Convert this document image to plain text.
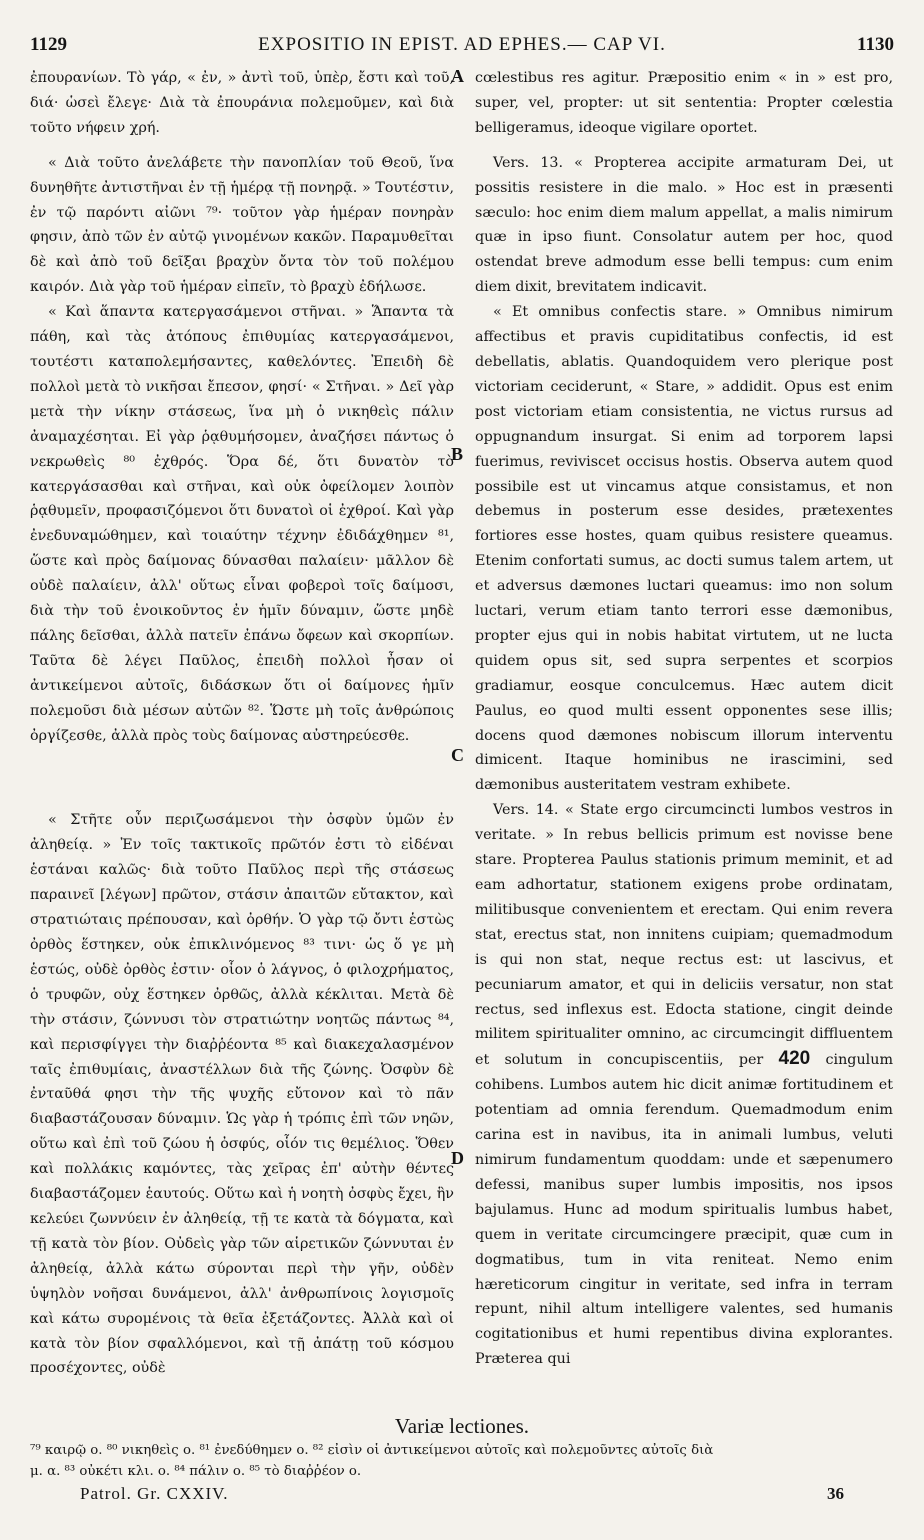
1129	EXPOSITIO IN EPIST. AD EPHES.— CAP VI.	1130

ἐπουρανίων. Τὸ γάρ, « ἐν, » ἀντὶ τοῦ, ὑπὲρ, ἔστι καὶ τοῦ, διά· ὡσεὶ ἔλεγε· Διὰ τὰ ἐπουράνια πολεμοῦμεν, καὶ διὰ τοῦτο νήφειν χρή.

« Διὰ τοῦτο ἀνελάβετε τὴν πανοπλίαν τοῦ Θεοῦ, ἵνα δυνηθῆτε ἀντιστῆναι ἐν τῇ ἡμέρᾳ τῇ πονηρᾷ. » Τουτέστιν, ἐν τῷ παρόντι αἰῶνι ⁷⁹· τοῦτον γὰρ ἡμέραν πονηρὰν φησιν, ἀπὸ τῶν ἐν αὐτῷ γινομένων κακῶν. Παραμυθεῖται δὲ καὶ ἀπὸ τοῦ δεῖξαι βραχὺν ὄντα τὸν τοῦ πολέμου καιρόν. Διὰ γὰρ τοῦ ἡμέραν εἰπεῖν, τὸ βραχὺ ἐδήλωσε.

« Καὶ ἅπαντα κατεργασάμενοι στῆναι. » Ἅπαντα τὰ πάθη, καὶ τὰς ἀτόπους ἐπιθυμίας κατεργασάμενοι, τουτέστι καταπολεμήσαντες, καθελόντες. Ἐπειδὴ δὲ πολλοὶ μετὰ τὸ νικῆσαι ἔπεσον, φησί· « Στῆναι. » Δεῖ γὰρ μετὰ τὴν νίκην στάσεως, ἵνα μὴ ὁ νικηθεὶς πάλιν ἀναμαχέσηται. Εἰ γὰρ ῥᾳθυμήσομεν, ἀναζήσει πάντως ὁ νεκρωθεὶς ⁸⁰ ἐχθρός. Ὅρα δέ, ὅτι δυνατὸν τὸ κατεργάσασθαι καὶ στῆναι, καὶ οὐκ ὀφείλομεν λοιπὸν ῥᾳθυμεῖν, προφασιζόμενοι ὅτι δυνατοὶ οἱ ἐχθροί. Καὶ γὰρ ἐνεδυναμώθημεν, καὶ τοιαύτην τέχνην ἐδιδάχθημεν ⁸¹, ὥστε καὶ πρὸς δαίμονας δύνασθαι παλαίειν· μᾶλλον δὲ οὐδὲ παλαίειν, ἀλλ' οὕτως εἶναι φοβεροὶ τοῖς δαίμοσι, διὰ τὴν τοῦ ἐνοικοῦντος ἐν ἡμῖν δύναμιν, ὥστε μηδὲ πάλης δεῖσθαι, ἀλλὰ πατεῖν ἐπάνω ὄφεων καὶ σκορπίων. Ταῦτα δὲ λέγει Παῦλος, ἐπειδὴ πολλοὶ ἦσαν οἱ ἀντικείμενοι αὐτοῖς, διδάσκων ὅτι οἱ δαίμονες ἡμῖν πολεμοῦσι διὰ μέσων αὐτῶν ⁸². Ὥστε μὴ τοῖς ἀνθρώποις ὀργίζεσθε, ἀλλὰ πρὸς τοὺς δαίμονας αὐστηρεύεσθε.

« Στῆτε οὖν περιζωσάμενοι τὴν ὀσφὺν ὑμῶν ἐν ἀληθείᾳ. » Ἐν τοῖς τακτικοῖς πρῶτόν ἐστι τὸ εἰδέναι ἑστάναι καλῶς· διὰ τοῦτο Παῦλος περὶ τῆς στάσεως παραινεῖ [λέγων] πρῶτον, στάσιν ἀπαιτῶν εὔτακτον, καὶ στρατιώταις πρέπουσαν, καὶ ὀρθήν. Ὁ γὰρ τῷ ὄντι ἑστὼς ὀρθὸς ἕστηκεν, οὐκ ἐπικλινόμενος ⁸³ τινι· ὡς ὅ γε μὴ ἑστώς, οὐδὲ ὀρθὸς ἐστιν· οἷον ὁ λάγνος, ὁ φιλοχρήματος, ὁ τρυφῶν, οὐχ ἕστηκεν ὀρθῶς, ἀλλὰ κέκλιται. Μετὰ δὲ τὴν στάσιν, ζώννυσι τὸν στρατιώτην νοητῶς πάντως ⁸⁴, καὶ περισφίγγει τὴν διαῤῥέοντα ⁸⁵ καὶ διακεχαλασμένον ταῖς ἐπιθυμίαις, ἀναστέλλων διὰ τῆς ζώνης. Ὀσφὺν δὲ ἐνταῦθά φησι τὴν τῆς ψυχῆς εὔτονον καὶ τὸ πᾶν διαβαστάζουσαν δύναμιν. Ὡς γὰρ ἡ τρόπις ἐπὶ τῶν νηῶν, οὕτω καὶ ἐπὶ τοῦ ζώου ἡ ὀσφύς, οἷόν τις θεμέλιος. Ὅθεν καὶ πολλάκις καμόντες, τὰς χεῖρας ἐπ' αὐτὴν θέντες διαβαστάζομεν ἑαυτούς. Οὕτω καὶ ἡ νοητὴ ὀσφὺς ἔχει, ἣν κελεύει ζωννύειν ἐν ἀληθείᾳ, τῇ τε κατὰ τὰ δόγματα, καὶ τῇ κατὰ τὸν βίον. Οὐδεὶς γὰρ τῶν αἱρετικῶν ζώννυται ἐν ἀληθείᾳ, ἀλλὰ κάτω σύρονται περὶ τὴν γῆν, οὐδὲν ὑψηλὸν νοῆσαι δυνάμενοι, ἀλλ' ἀνθρωπίνοις λογισμοῖς καὶ κάτω συρομένοις τὰ θεῖα ἐξετάζοντες. Ἀλλὰ καὶ οἱ κατὰ τὸν βίον σφαλλόμενοι, καὶ τῇ ἀπάτῃ τοῦ κόσμου προσέχοντες, οὐδὲ

A
B
C
D

cœlestibus res agitur. Præpositio enim « in » est pro, super, vel, propter: ut sit sententia: Propter cœlestia belligeramus, ideoque vigilare oportet.

Vers. 13. « Propterea accipite armaturam Dei, ut possitis resistere in die malo. » Hoc est in præsenti sæculo: hoc enim diem malum appellat, a malis nimirum quæ in ipso fiunt. Consolatur autem per hoc, quod ostendat breve admodum esse belli tempus: cum enim diem dixit, brevitatem indicavit.

« Et omnibus confectis stare. » Omnibus nimirum affectibus et pravis cupiditatibus confectis, id est debellatis, ablatis. Quandoquidem vero plerique post victoriam ceciderunt, « Stare, » addidit. Opus est enim post victoriam etiam consistentia, ne victus rursus ad oppugnandum insurgat. Si enim ad torporem lapsi fuerimus, reviviscet occisus hostis. Observa autem quod possibile est ut vincamus atque consistamus, et non debemus in posterum esse desides, prætexentes fortiores esse hostes, quam quibus resistere queamus. Etenim confortati sumus, ac docti sumus talem artem, ut et adversus dæmones luctari queamus: imo non solum luctari, verum etiam tanto terrori esse dæmonibus, propter ejus qui in nobis habitat virtutem, ut ne lucta quidem opus sit, sed supra serpentes et scorpios gradiamur, eosque conculcemus. Hæc autem dicit Paulus, eo quod multi essent opponentes sese illis; docens quod dæmones nobiscum illorum interventu dimicent. Itaque hominibus ne irascimini, sed dæmonibus austeritatem vestram exhibete.

Vers. 14. « State ergo circumcincti lumbos vestros in veritate. » In rebus bellicis primum est novisse bene stare. Propterea Paulus stationis primum meminit, et ad eam adhortatur, stationem exigens probe ordinatam, militibusque convenientem et erectam. Qui enim revera stat, erectus stat, non innitens cuipiam; quemadmodum is qui non stat, neque rectus est: ut lascivus, et pecuniarum amator, et qui in deliciis versatur, non stat rectus, sed inflexus est. Edocta statione, cingit deinde militem spiritualiter omnino, ac circumcingit diffluentem et solutum in concupiscentiis, per 420 cingulum cohibens. Lumbos autem hic dicit animæ fortitudinem et potentiam ad omnia ferendum. Quemadmodum enim carina est in navibus, ita in animali lumbus, veluti nimirum fundamentum quoddam: unde et sæpenumero defessi, manibus super lumbis impositis, nos ipsos bajulamus. Hunc ad modum spiritualis lumbus habet, quem in veritate circumcingere præcipit, quæ cum in dogmatibus, tum in vita reniteat. Nemo enim hæreticorum cingitur in veritate, sed infra in terram repunt, nihil altum intelligere valentes, sed humanis cogitationibus et humi repentibus divina explorantes. Præterea qui

Variæ lectiones.
⁷⁹ καιρῷ ο. ⁸⁰ νικηθεὶς ο. ⁸¹ ἐνεδύθημεν ο. ⁸² εἰσὶν οἱ ἀντικείμενοι αὐτοῖς καὶ πολεμοῦντες αὐτοῖς διὰ
μ. α. ⁸³ οὐκέτι κλι. ο. ⁸⁴ πάλιν ο. ⁸⁵ τὸ διαῤῥέον ο.
Patrol. Gr. CXXIV.	36
